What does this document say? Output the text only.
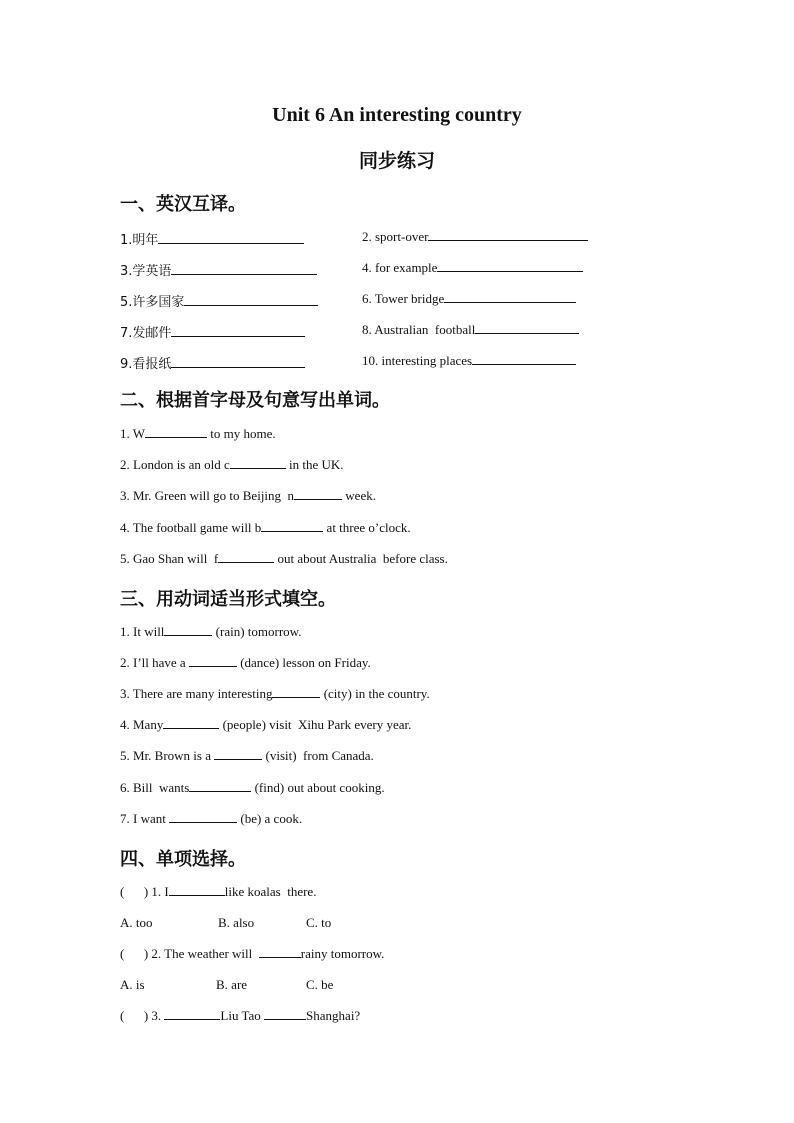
Unit 6 An interesting country
同步练习
一、英汉互译。
1.明年	2. sport-over
3.学英语	4. for example
5.许多国家	6. Tower bridge
7.发邮件	8. Australian  football
9.看报纸	10. interesting places
二、根据首字母及句意写出单词。
1. W	to my home.
2. London is an old c	in the UK.
3. Mr. Green will go to Beijing  n	week.
4. The football game will b	at three o’clock.
5. Gao Shan will  f	out about Australia  before class.
三、用动词适当形式填空。
1. It will	(rain) tomorrow.
2. I’ll have a	(dance) lesson on Friday.
3. There are many interesting	(city) in the country.
4. Many	(people) visit  Xihu Park every year.
5. Mr. Brown is a	(visit)  from Canada.
6. Bill  wants	(find) out about cooking.
7. I want	(be) a cook.
四、单项选择。
(      ) 1. I	like koalas  there.
A. too	B. also	C. to
(      ) 2. The weather will	rainy tomorrow.
A. is	B. are	C. be
(      ) 3.	Liu Tao	Shanghai?
